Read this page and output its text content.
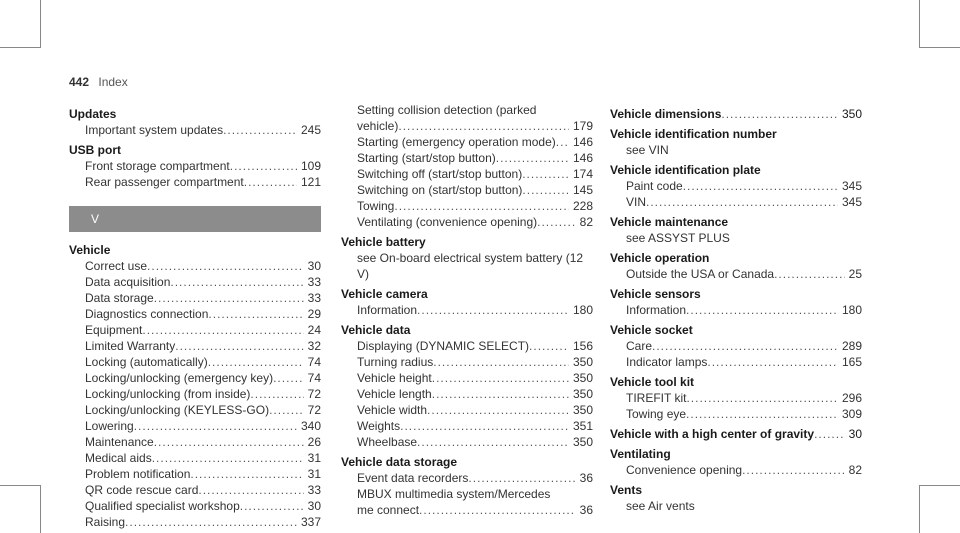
442 Index
Updates
Important system updates .....	245
USB port
Front storage compartment .....	109
Rear passenger compartment .....	121
V
Vehicle
Correct use .....	30
Data acquisition .....	33
Data storage .....	33
Diagnostics connection .....	29
Equipment .....	24
Limited Warranty .....	32
Locking (automatically) .....	74
Locking/unlocking (emergency key) .....	74
Locking/unlocking (from inside) .....	72
Locking/unlocking (KEYLESS-GO) .....	72
Lowering .....	340
Maintenance .....	26
Medical aids .....	31
Problem notification .....	31
QR code rescue card .....	33
Qualified specialist workshop .....	30
Raising .....	337
Setting collision detection (parked
vehicle) .....	179
Starting (emergency operation mode) .....	146
Starting (start/stop button) .....	146
Switching off (start/stop button) .....	174
Switching on (start/stop button) .....	145
Towing .....	228
Ventilating (convenience opening) .....	82
Vehicle battery
see On-board electrical system battery (12 V)
Vehicle camera
Information .....	180
Vehicle data
Displaying (DYNAMIC SELECT) .....	156
Turning radius .....	350
Vehicle height .....	350
Vehicle length .....	350
Vehicle width .....	350
Weights .....	351
Wheelbase .....	350
Vehicle data storage
Event data recorders .....	36
MBUX multimedia system/Mercedes
me connect .....	36
Vehicle dimensions .....	350
Vehicle identification number
see VIN
Vehicle identification plate
Paint code .....	345
VIN .....	345
Vehicle maintenance
see ASSYST PLUS
Vehicle operation
Outside the USA or Canada .....	25
Vehicle sensors
Information .....	180
Vehicle socket
Care .....	289
Indicator lamps .....	165
Vehicle tool kit
TIREFIT kit .....	296
Towing eye .....	309
Vehicle with a high center of gravity .....	30
Ventilating
Convenience opening .....	82
Vents
see Air vents
